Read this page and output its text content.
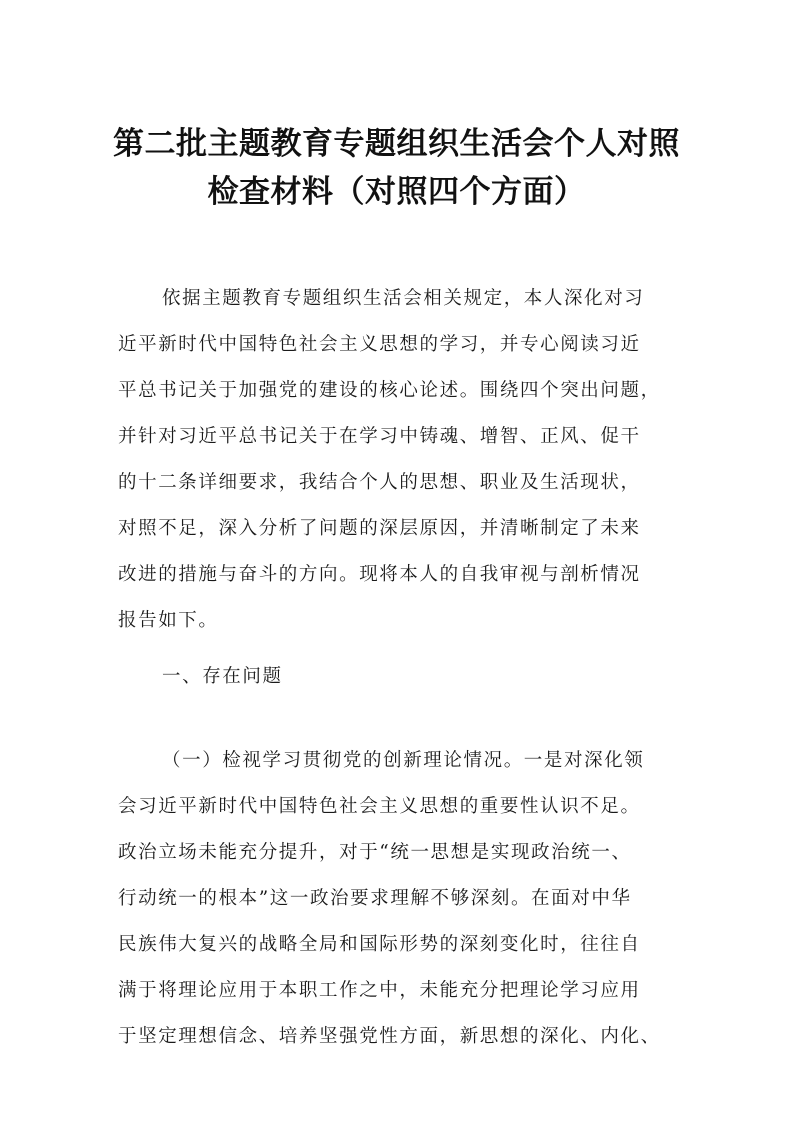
第二批主题教育专题组织生活会个人对照
检查材料（对照四个方面）
依据主题教育专题组织生活会相关规定，本人深化对习
近平新时代中国特色社会主义思想的学习，并专心阅读习近
平总书记关于加强党的建设的核心论述。围绕四个突出问题，
并针对习近平总书记关于在学习中铸魂、增智、正风、促干
的十二条详细要求，我结合个人的思想、职业及生活现状，
对照不足，深入分析了问题的深层原因，并清晰制定了未来
改进的措施与奋斗的方向。现将本人的自我审视与剖析情况
报告如下。
一、存在问题
（一）检视学习贯彻党的创新理论情况。一是对深化领
会习近平新时代中国特色社会主义思想的重要性认识不足。
政治立场未能充分提升，对于“统一思想是实现政治统一、
行动统一的根本”这一政治要求理解不够深刻。在面对中华
民族伟大复兴的战略全局和国际形势的深刻变化时，往往自
满于将理论应用于本职工作之中，未能充分把理论学习应用
于坚定理想信念、培养坚强党性方面，新思想的深化、内化、
